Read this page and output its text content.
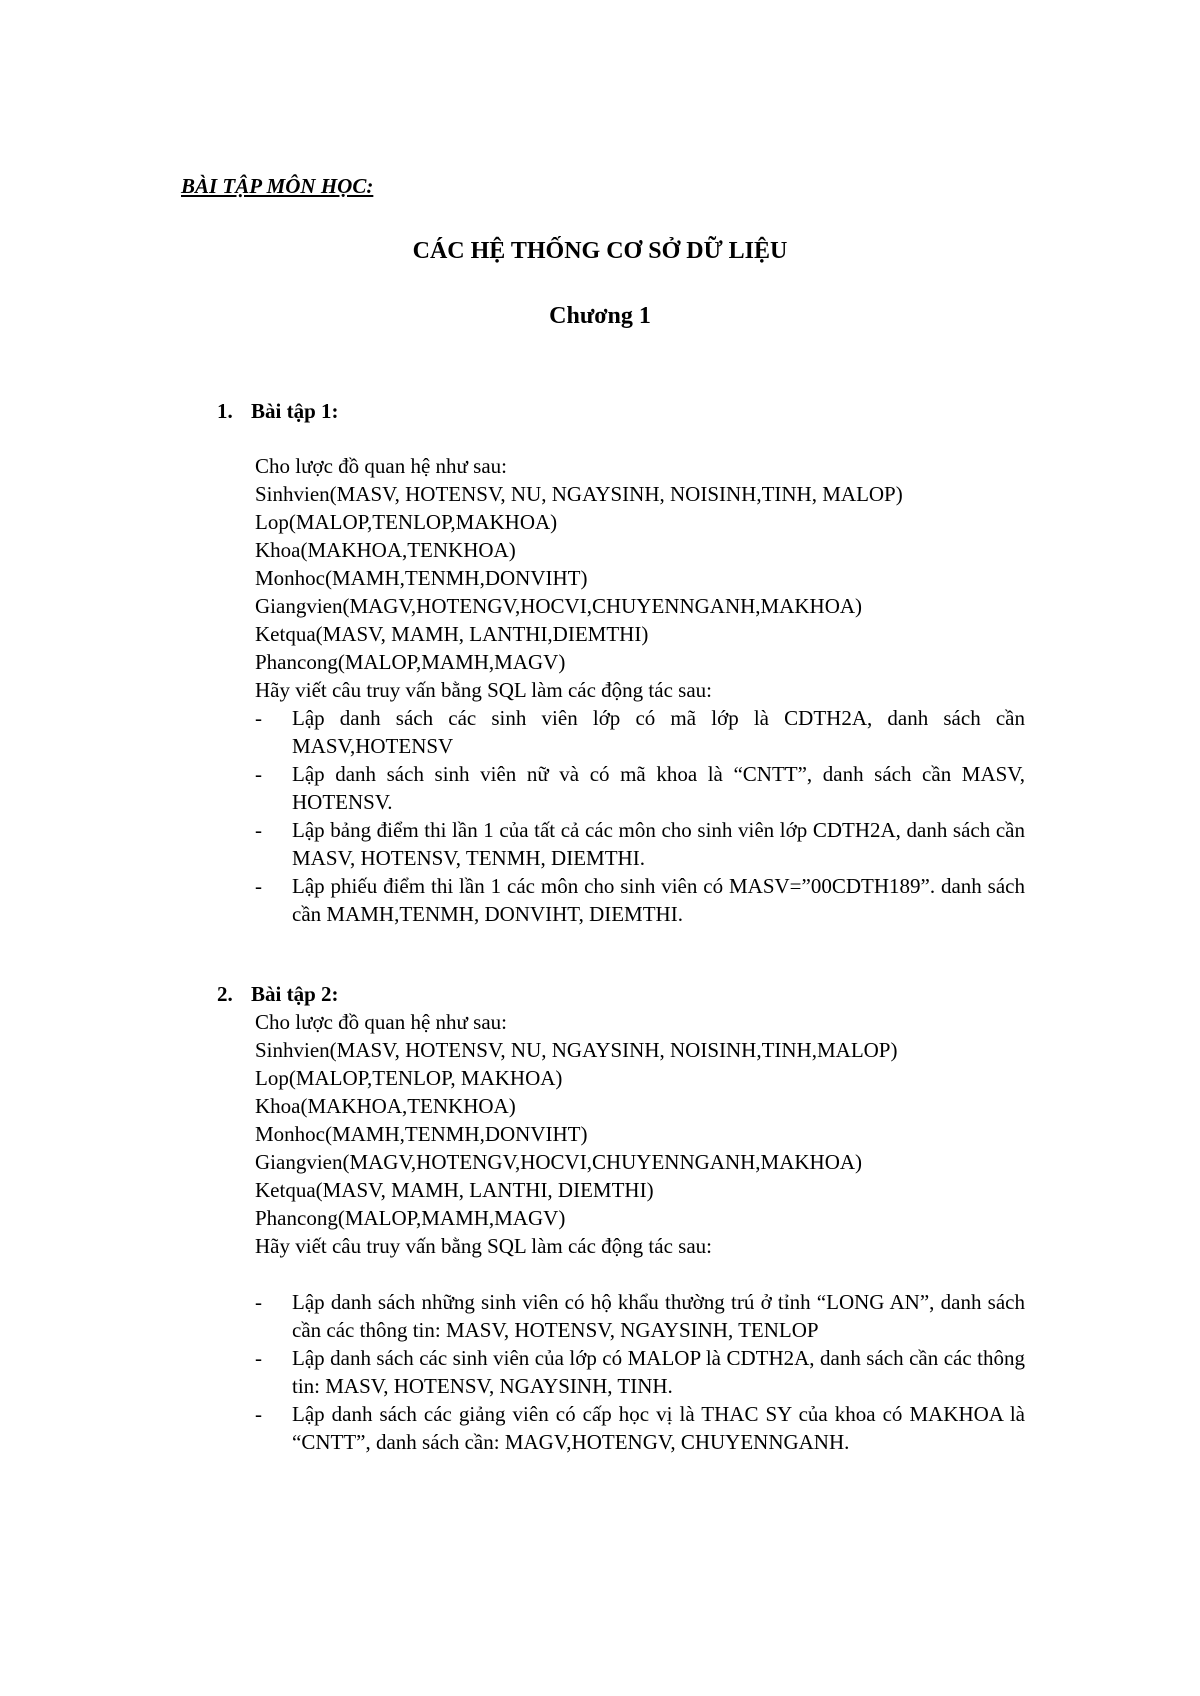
BÀI TẬP MÔN HỌC:
CÁC HỆ THỐNG CƠ SỞ DỮ LIỆU
Chương 1
1. Bài tập 1:
Cho lược đồ quan hệ như sau:
Sinhvien(MASV, HOTENSV, NU, NGAYSINH, NOISINH,TINH, MALOP)
Lop(MALOP,TENLOP,MAKHOA)
Khoa(MAKHOA,TENKHOA)
Monhoc(MAMH,TENMH,DONVIHT)
Giangvien(MAGV,HOTENGV,HOCVI,CHUYENNGANH,MAKHOA)
Ketqua(MASV, MAMH, LANTHI,DIEMTHI)
Phancong(MALOP,MAMH,MAGV)
Hãy viết câu truy vấn bằng SQL làm các động tác sau:
- Lập danh sách các sinh viên lớp có mã lớp là CDTH2A, danh sách cần MASV,HOTENSV
- Lập danh sách sinh viên nữ và có mã khoa là “CNTT”, danh sách cần MASV, HOTENSV.
- Lập bảng điểm thi lần 1 của tất cả các môn cho sinh viên lớp CDTH2A, danh sách cần MASV, HOTENSV, TENMH, DIEMTHI.
- Lập phiếu điểm thi lần 1 các môn cho sinh viên có MASV=”00CDTH189”. danh sách cần MAMH,TENMH, DONVIHT, DIEMTHI.
2. Bài tập 2:
Cho lược đồ quan hệ như sau:
Sinhvien(MASV, HOTENSV, NU, NGAYSINH, NOISINH,TINH,MALOP)
Lop(MALOP,TENLOP, MAKHOA)
Khoa(MAKHOA,TENKHOA)
Monhoc(MAMH,TENMH,DONVIHT)
Giangvien(MAGV,HOTENGV,HOCVI,CHUYENNGANH,MAKHOA)
Ketqua(MASV, MAMH, LANTHI, DIEMTHI)
Phancong(MALOP,MAMH,MAGV)
Hãy viết câu truy vấn bằng SQL làm các động tác sau:
- Lập danh sách những sinh viên có hộ khẩu thường trú ở tỉnh “LONG AN”, danh sách cần các thông tin: MASV, HOTENSV, NGAYSINH, TENLOP
- Lập danh sách các sinh viên của lớp có MALOP là CDTH2A, danh sách cần các thông tin: MASV, HOTENSV, NGAYSINH, TINH.
- Lập danh sách các giảng viên có cấp học vị là THAC SY của khoa có MAKHOA là “CNTT”, danh sách cần: MAGV,HOTENGV, CHUYENNGANH.
